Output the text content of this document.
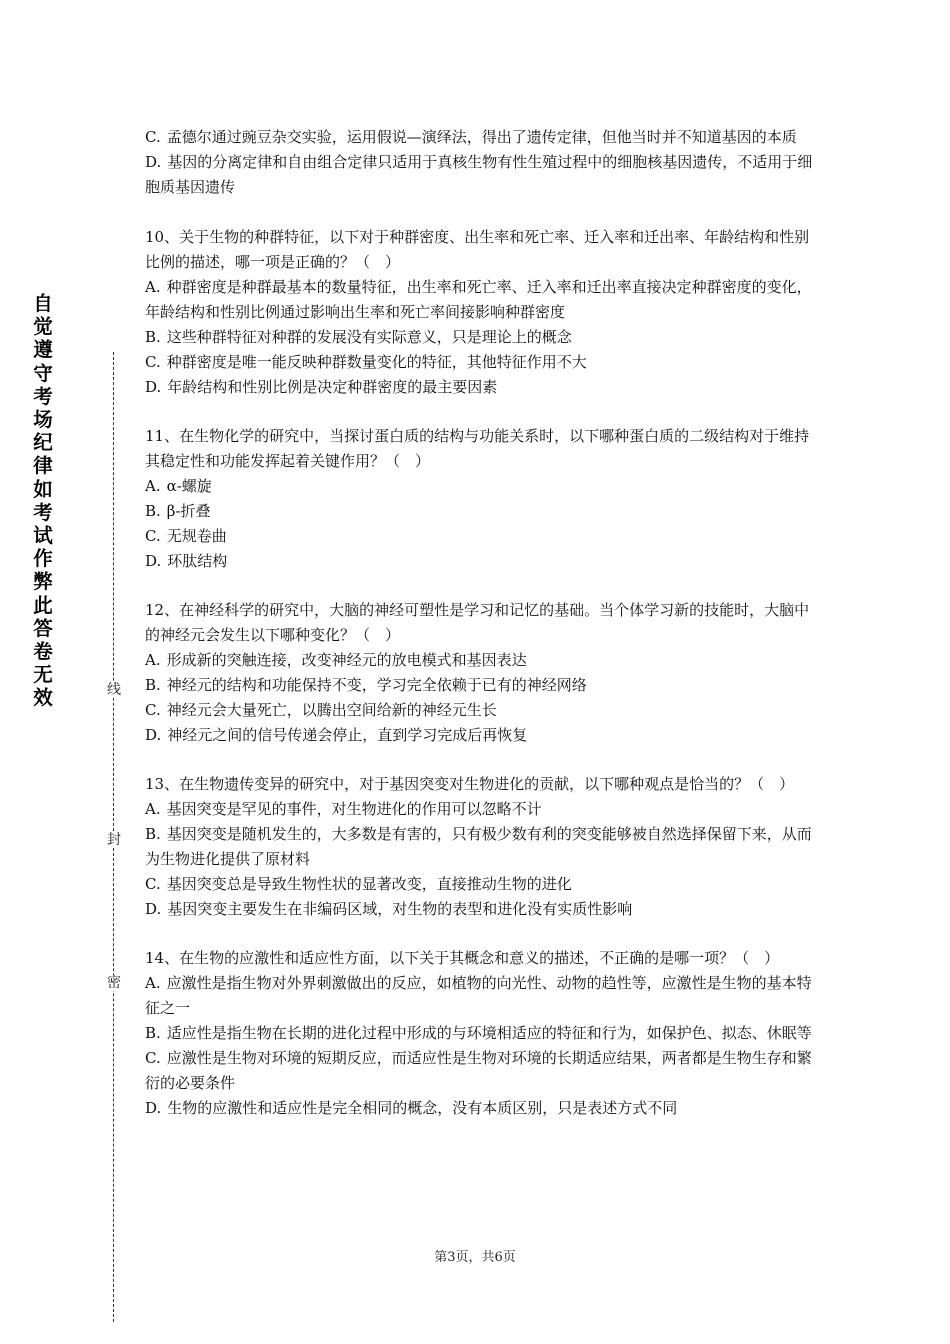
自觉遵守考场纪律如考试作弊此答卷无效	线
封
密

C. 孟德尔通过豌豆杂交实验，运用假说—演绎法，得出了遗传定律，但他当时并不知道基因的本质

D. 基因的分离定律和自由组合定律只适用于真核生物有性生殖过程中的细胞核基因遗传，不适用于细胞质基因遗传

10、关于生物的种群特征，以下对于种群密度、出生率和死亡率、迁入率和迁出率、年龄结构和性别比例的描述，哪一项是正确的？（　）

A. 种群密度是种群最基本的数量特征，出生率和死亡率、迁入率和迁出率直接决定种群密度的变化，年龄结构和性别比例通过影响出生率和死亡率间接影响种群密度

B. 这些种群特征对种群的发展没有实际意义，只是理论上的概念

C. 种群密度是唯一能反映种群数量变化的特征，其他特征作用不大

D. 年龄结构和性别比例是决定种群密度的最主要因素

11、在生物化学的研究中，当探讨蛋白质的结构与功能关系时，以下哪种蛋白质的二级结构对于维持其稳定性和功能发挥起着关键作用？（　）

A. α-螺旋

B. β-折叠

C. 无规卷曲

D. 环肽结构

12、在神经科学的研究中，大脑的神经可塑性是学习和记忆的基础。当个体学习新的技能时，大脑中的神经元会发生以下哪种变化？（　）

A. 形成新的突触连接，改变神经元的放电模式和基因表达

B. 神经元的结构和功能保持不变，学习完全依赖于已有的神经网络

C. 神经元会大量死亡，以腾出空间给新的神经元生长

D. 神经元之间的信号传递会停止，直到学习完成后再恢复

13、在生物遗传变异的研究中，对于基因突变对生物进化的贡献，以下哪种观点是恰当的？（　）

A. 基因突变是罕见的事件，对生物进化的作用可以忽略不计

B. 基因突变是随机发生的，大多数是有害的，只有极少数有利的突变能够被自然选择保留下来，从而为生物进化提供了原材料

C. 基因突变总是导致生物性状的显著改变，直接推动生物的进化

D. 基因突变主要发生在非编码区域，对生物的表型和进化没有实质性影响

14、在生物的应激性和适应性方面，以下关于其概念和意义的描述，不正确的是哪一项？（　）

A. 应激性是指生物对外界刺激做出的反应，如植物的向光性、动物的趋性等，应激性是生物的基本特征之一

B. 适应性是指生物在长期的进化过程中形成的与环境相适应的特征和行为，如保护色、拟态、休眠等

C. 应激性是生物对环境的短期反应，而适应性是生物对环境的长期适应结果，两者都是生物生存和繁衍的必要条件

D. 生物的应激性和适应性是完全相同的概念，没有本质区别，只是表述方式不同

第3页，共6页
